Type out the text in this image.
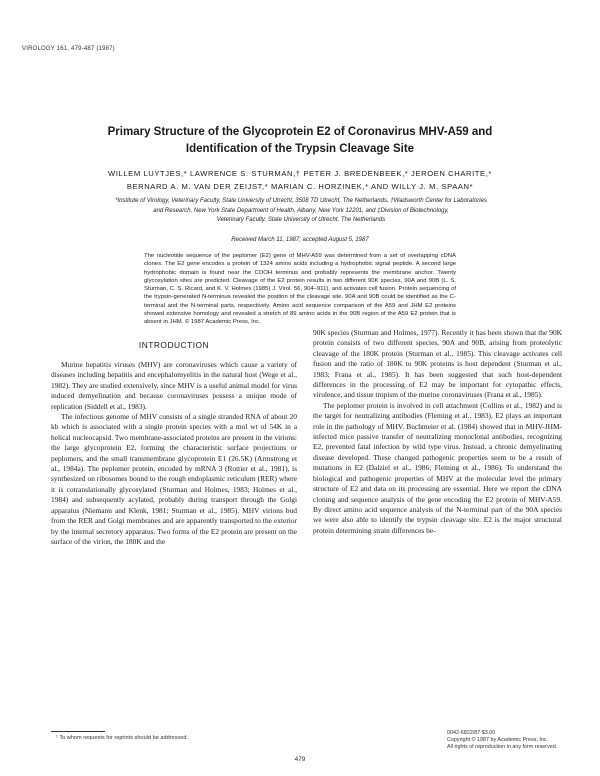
VIROLOGY 161, 479-487 (1987)
Primary Structure of the Glycoprotein E2 of Coronavirus MHV-A59 and
Identification of the Trypsin Cleavage Site
WILLEM LUYTJES,* LAWRENCE S. STURMAN,† PETER J. BREDENBEEK,* JEROEN CHARITE,*
BERNARD A. M. VAN DER ZEIJST,* MARIAN C. HORZINEK,* AND WILLY J. M. SPAAN*
*Institute of Virology, Veterinary Faculty, State University of Utrecht, 3508 TD Utrecht, The Netherlands, †Wadsworth Center for Laboratories
and Research, New York State Department of Health, Albany, New York 12201, and ‡Division of Biotechnology,
Veterinary Faculty, State University of Utrecht, The Netherlands
Received March 11, 1987; accepted August 5, 1987
The nucleotide sequence of the peplomer (E2) gene of MHV-A59 was determined from a set of overlapping cDNA clones. The E2 gene encodes a protein of 1324 amino acids including a hydrophobic signal peptide. A second large hydrophobic domain is found near the COOH terminus and probably represents the membrane anchor. Twenty glycosylation sites are predicted. Cleavage of the E2 protein results in two different 90K species, 90A and 90B (L. S. Sturman, C. S. Ricard, and K. V. Holmes (1985) J. Virol. 56, 904–911), and activates cell fusion. Protein sequencing of the trypsin-generated N-terminus revealed the position of the cleavage site. 90A and 90B could be identified as the C-terminal and the N-terminal parts, respectively. Amino acid sequence comparison of the A59 and JHM E2 proteins showed extensive homology and revealed a stretch of 89 amino acids in the 90B region of the A59 E2 protein that is absent in JHM. © 1987 Academic Press, Inc.
INTRODUCTION

Murine hepatitis viruses (MHV) are coronaviruses which cause a variety of diseases including hepatitis and encephalomyelitis in the natural host (Wege et al., 1982). They are studied extensively, since MHV is a useful animal model for virus induced demyelination and because coronaviruses possess a unique mode of replication (Siddell et al., 1983).

The infectious genome of MHV consists of a single stranded RNA of about 20 kb which is associated with a single protein species with a mol wt of 54K in a helical nucleocapsid. Two membrane-associated proteins are present in the virions: the large glycoprotein E2, forming the characteristic surface projections or peplomers, and the small transmembrane glycoprotein E1 (26.5K) (Armstrong et al., 1984a). The peplomer protein, encoded by mRNA 3 (Rottier et al., 1981), is synthesized on ribosomes bound to the rough endoplasmic reticulum (RER) where it is cotranslationally glycosylated (Sturman and Holmes, 1983; Holmes et al., 1984) and subsequently acylated, probably during transport through the Golgi apparatus (Niemann and Klenk, 1981; Sturman et al., 1985). MHV virions bud from the RER and Golgi membranes and are apparently transported to the exterior by the internal secretory apparatus. Two forms of the E2 protein are present on the surface of the virion, the 180K and the

90K species (Sturman and Holmes, 1977). Recently it has been shown that the 90K protein consists of two different species, 90A and 90B, arising from proteolytic cleavage of the 180K protein (Sturman et al., 1985). This cleavage activates cell fusion and the ratio of 180K to 90K proteins is host dependent (Sturman et al., 1983; Frana et al., 1985). It has been suggested that such host-dependent differences in the processing of E2 may be important for cytopathic effects, virulence, and tissue tropism of the murine coronaviruses (Frana et al., 1985).

The peplomer protein is involved in cell attachment (Collins et al., 1982) and is the target for neutralizing antibodies (Fleming et al., 1983). E2 plays an important role in the pathology of MHV. Buchmeier et al. (1984) showed that in MHV-JHM-infected mice passive transfer of neutralizing monoclonal antibodies, recognizing E2, prevented fatal infection by wild type virus. Instead, a chronic demyelinating disease developed. These changed pathogenic properties seem to be a result of mutations in E2 (Dalziel et al., 1986; Fleming et al., 1986). To understand the biological and pathogenic properties of MHV at the molecular level the primary structure of E2 and data on its processing are essential. Here we report the cDNA cloning and sequence analysis of the gene encoding the E2 protein of MHV-A59. By direct amino acid sequence analysis of the N-terminal part of the 90A species we were also able to identify the trypsin cleavage site. E2 is the major structural protein determining strain differences be-

¹ To whom requests for reprints should be addressed.
479
0042-6822/87 $3.00
Copyright © 1987 by Academic Press, Inc.
All rights of reproduction in any form reserved.
